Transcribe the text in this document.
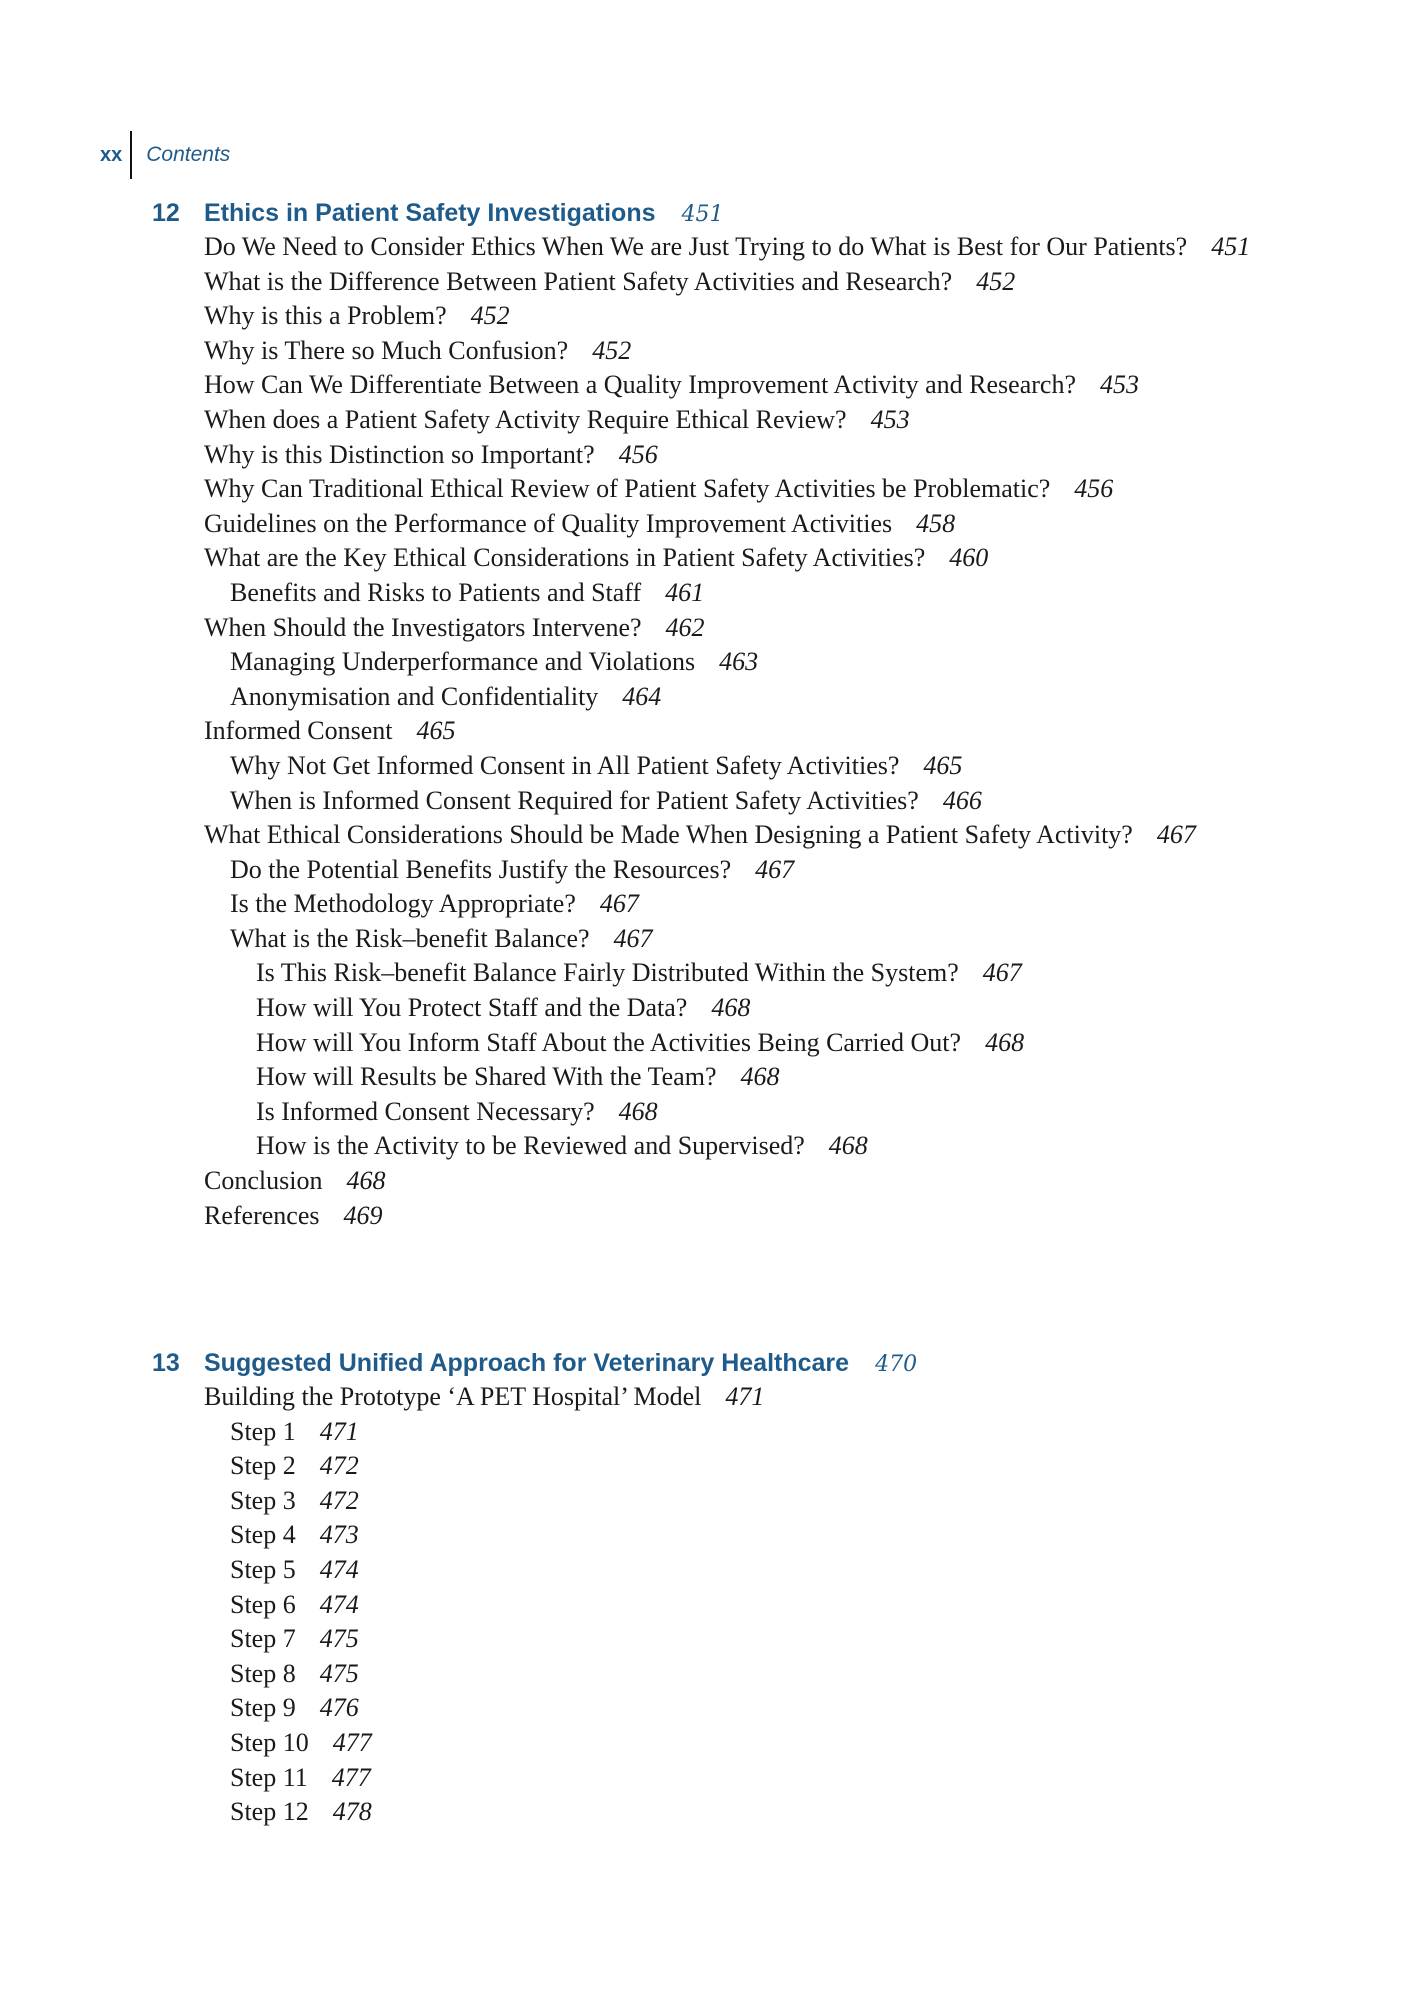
xx	Contents
12 Ethics in Patient Safety Investigations 451
Do We Need to Consider Ethics When We are Just Trying to do What is Best for Our Patients? 451
What is the Difference Between Patient Safety Activities and Research? 452
Why is this a Problem? 452
Why is There so Much Confusion? 452
How Can We Differentiate Between a Quality Improvement Activity and Research? 453
When does a Patient Safety Activity Require Ethical Review? 453
Why is this Distinction so Important? 456
Why Can Traditional Ethical Review of Patient Safety Activities be Problematic? 456
Guidelines on the Performance of Quality Improvement Activities 458
What are the Key Ethical Considerations in Patient Safety Activities? 460
Benefits and Risks to Patients and Staff 461
When Should the Investigators Intervene? 462
Managing Underperformance and Violations 463
Anonymisation and Confidentiality 464
Informed Consent 465
Why Not Get Informed Consent in All Patient Safety Activities? 465
When is Informed Consent Required for Patient Safety Activities? 466
What Ethical Considerations Should be Made When Designing a Patient Safety Activity? 467
Do the Potential Benefits Justify the Resources? 467
Is the Methodology Appropriate? 467
What is the Risk–benefit Balance? 467
Is This Risk–benefit Balance Fairly Distributed Within the System? 467
How will You Protect Staff and the Data? 468
How will You Inform Staff About the Activities Being Carried Out? 468
How will Results be Shared With the Team? 468
Is Informed Consent Necessary? 468
How is the Activity to be Reviewed and Supervised? 468
Conclusion 468
References 469
13 Suggested Unified Approach for Veterinary Healthcare 470
Building the Prototype ‘A PET Hospital’ Model 471
Step 1 471
Step 2 472
Step 3 472
Step 4 473
Step 5 474
Step 6 474
Step 7 475
Step 8 475
Step 9 476
Step 10 477
Step 11 477
Step 12 478
